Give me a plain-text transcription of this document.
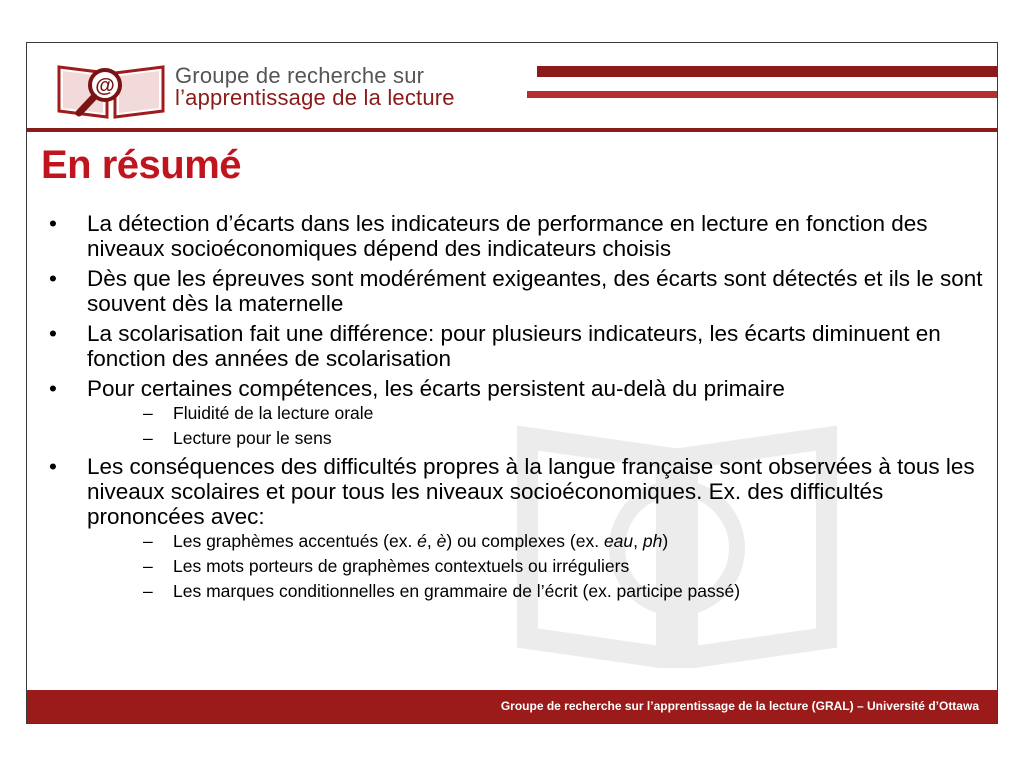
@	Groupe de recherche sur
l’apprentissage de la lecture
En résumé
• La détection d’écarts dans les indicateurs de performance en lecture en fonction des niveaux socioéconomiques dépend des indicateurs choisis
• Dès que les épreuves sont modérément exigeantes, des écarts sont détectés et ils le sont souvent dès la maternelle
• La scolarisation fait une différence: pour plusieurs indicateurs, les écarts diminuent en fonction des années de scolarisation
• Pour certaines compétences, les écarts persistent au-delà du primaire
– Fluidité de la lecture orale
– Lecture pour le sens
• Les conséquences des difficultés propres à la langue française sont observées à tous les niveaux scolaires et pour tous les niveaux socioéconomiques. Ex. des difficultés prononcées avec:
– Les graphèmes accentués (ex. é, è) ou complexes (ex. eau, ph)
– Les mots porteurs de graphèmes contextuels ou irréguliers
– Les marques conditionnelles en grammaire de l’écrit (ex. participe passé)
Groupe de recherche sur l’apprentissage de la lecture (GRAL) – Université d’Ottawa
